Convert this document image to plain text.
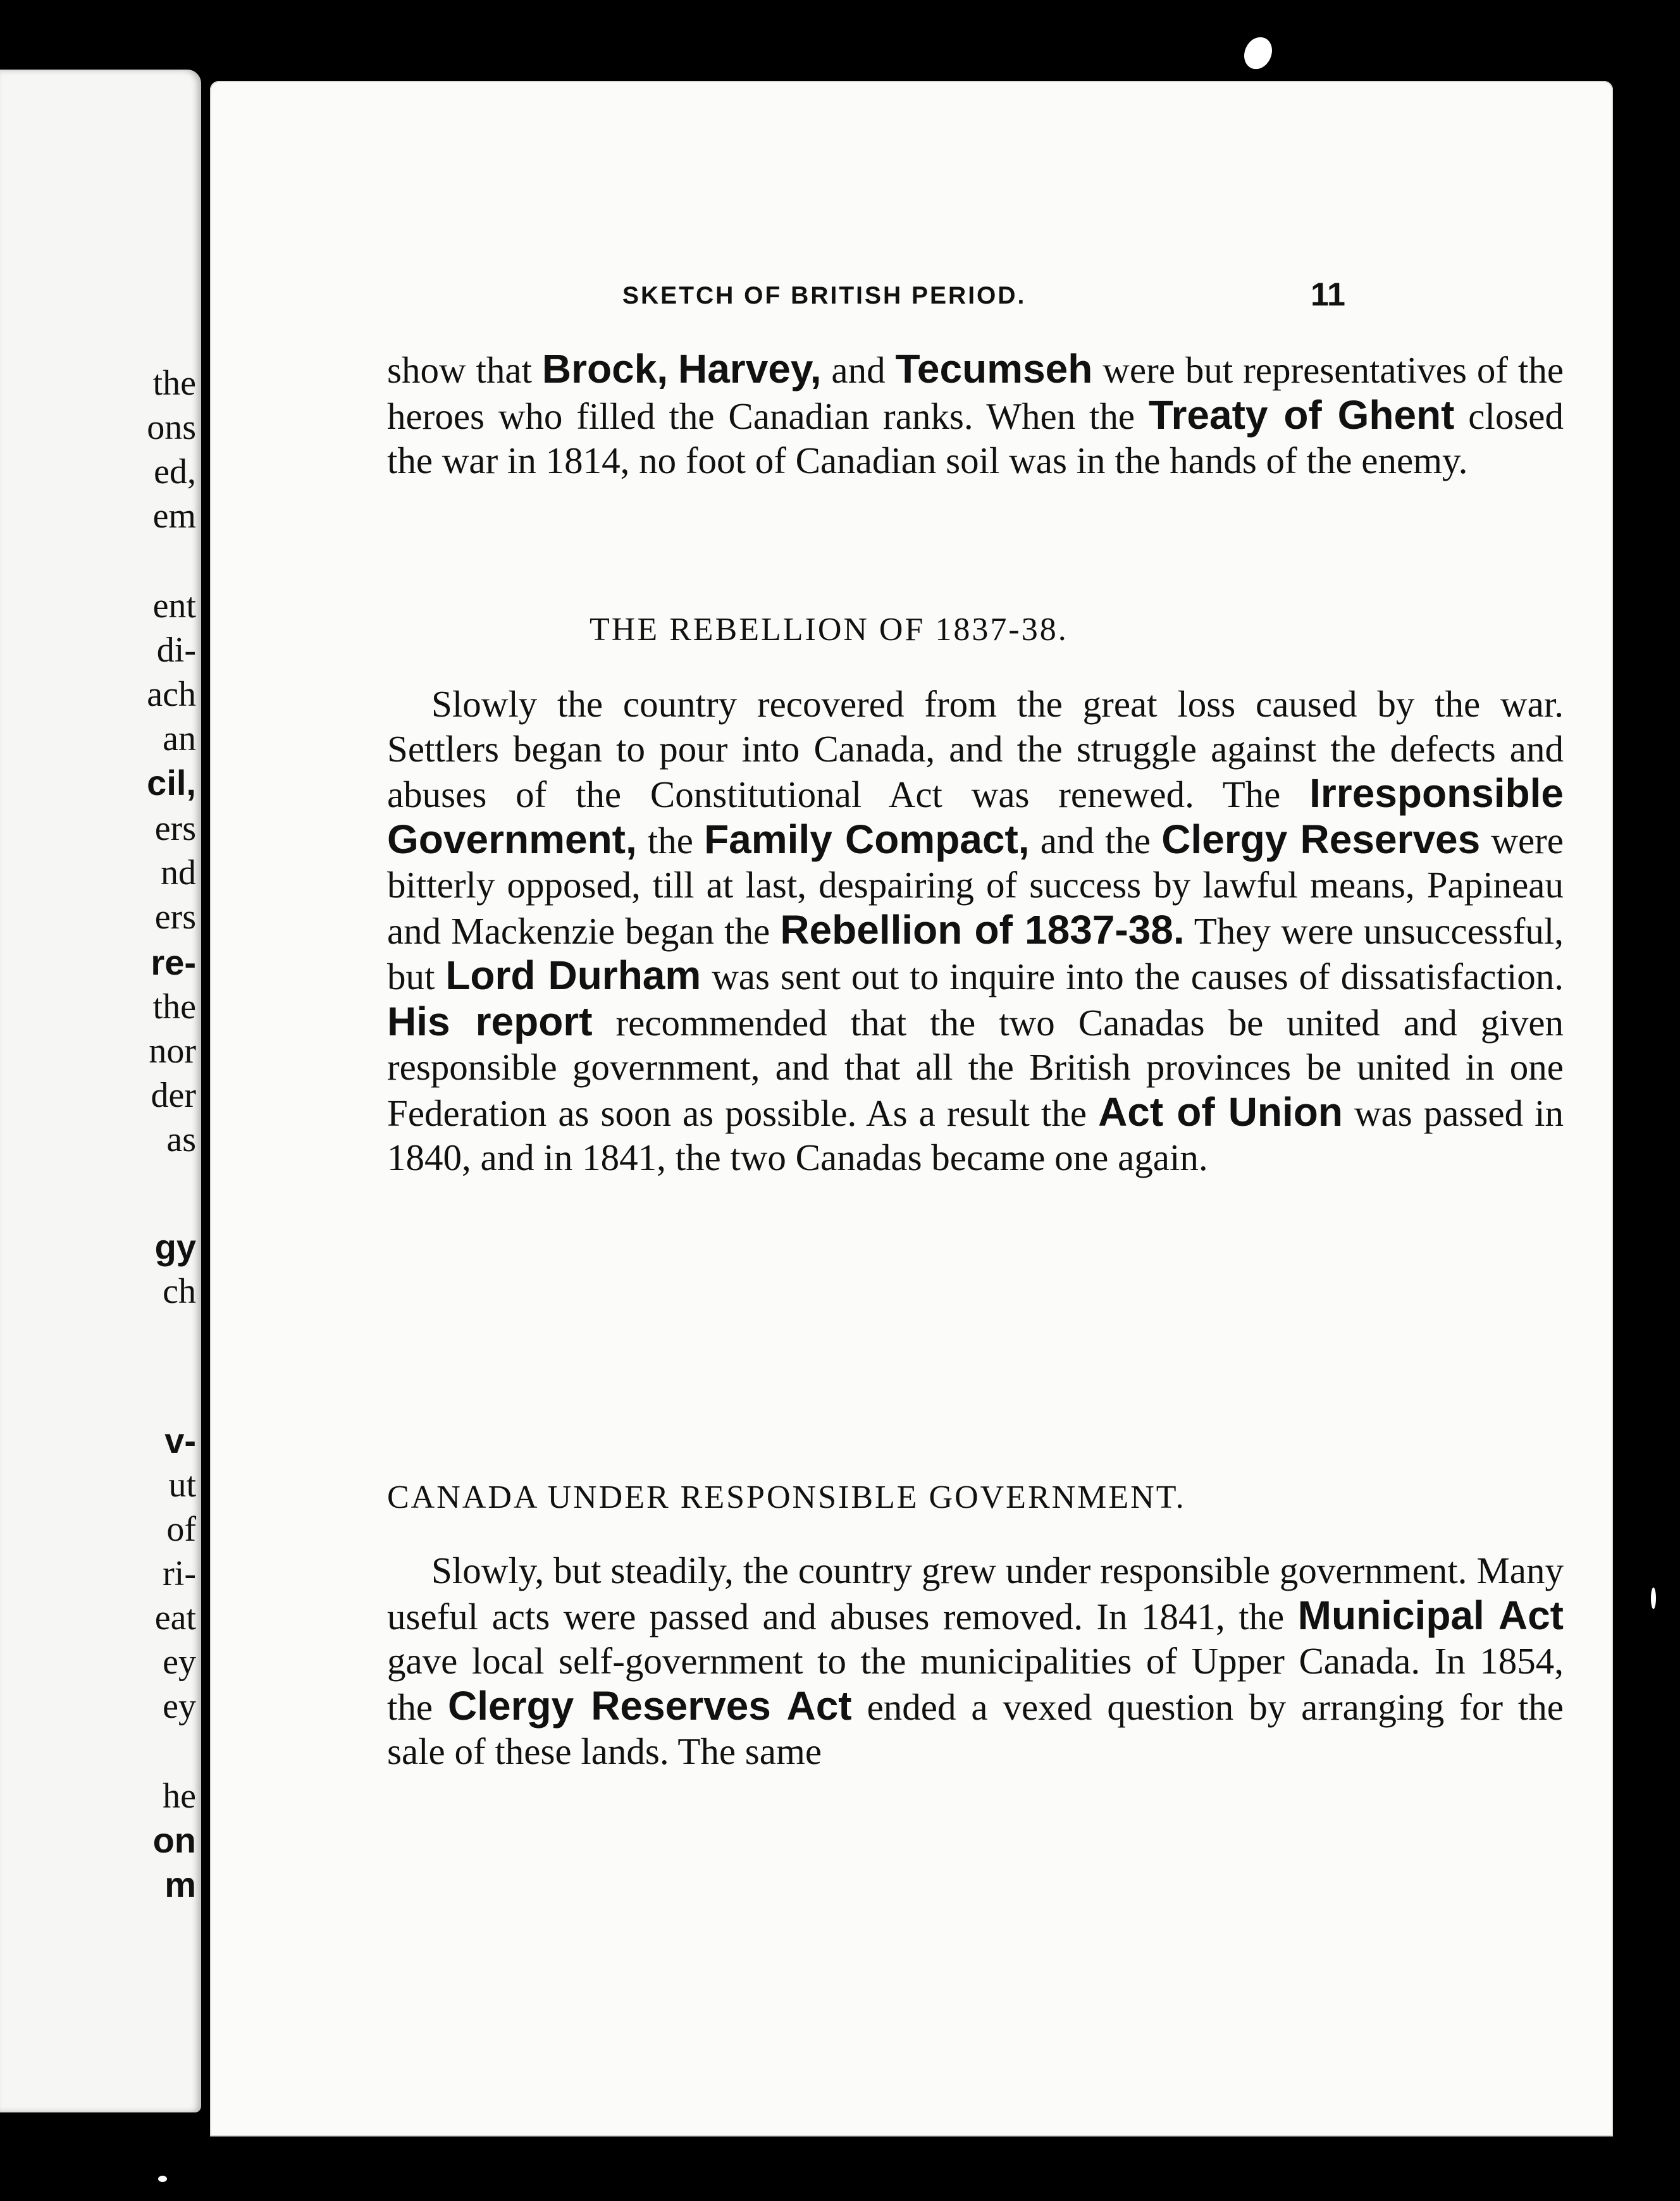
the
ons
ed,
em
ent
di-
ach
an
cil,
ers
nd
ers
re-
the
nor
der
as
gy
ch
v-
ut
of
ri-
eat
ey
ey
he
on
m
SKETCH OF BRITISH PERIOD.	11

show that Brock, Harvey, and Tecumseh were but representatives of the heroes who filled the Canadian ranks. When the Treaty of Ghent closed the war in 1814, no foot of Canadian soil was in the hands of the enemy.

THE REBELLION OF 1837-38.

Slowly the country recovered from the great loss caused by the war. Settlers began to pour into Canada, and the struggle against the defects and abuses of the Constitutional Act was renewed. The Irresponsible Government, the Family Compact, and the Clergy Reserves were bitterly opposed, till at last, despairing of success by lawful means, Papineau and Mackenzie began the Rebellion of 1837-38. They were unsuccessful, but Lord Durham was sent out to inquire into the causes of dissatisfaction. His report recommended that the two Canadas be united and given responsible government, and that all the British provinces be united in one Federation as soon as possible. As a result the Act of Union was passed in 1840, and in 1841, the two Canadas became one again.

CANADA UNDER RESPONSIBLE GOVERNMENT.

Slowly, but steadily, the country grew under responsible government. Many useful acts were passed and abuses removed. In 1841, the Municipal Act gave local self-government to the municipalities of Upper Canada. In 1854, the Clergy Reserves Act ended a vexed question by arranging for the sale of these lands. The same
